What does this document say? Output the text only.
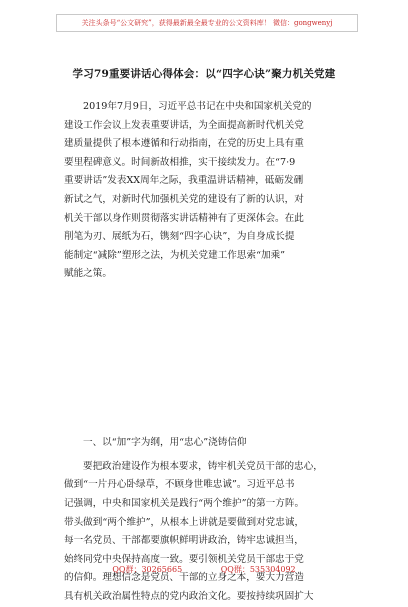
关注头条号“公文研究”，获得最新最全最专业的公文资料库！ 微信：gongwenyj
学习79重要讲话心得体会：以“四字心诀”聚力机关党建
2019年7月9日，习近平总书记在中央和国家机关党的
建设工作会议上发表重要讲话，为全面提高新时代机关党
建质量提供了根本遵循和行动指南，在党的历史上具有重
要里程碑意义。时间新故相推，实干接续发力。在“7·9
重要讲话”发表XX周年之际，我重温讲话精神，砥砺发硎
新试之气，对新时代加强机关党的建设有了新的认识，对
机关干部以身作则贯彻落实讲话精神有了更深体会。在此
削笔为刃、展纸为石，镌刻“四字心诀”，为自身成长提
能制定“减除”塑形之法，为机关党建工作思索“加乘”
赋能之策。
一、以“加”字为纲，用“忠心”浇铸信仰
要把政治建设作为根本要求，铸牢机关党员干部的忠心，
做到“一片丹心卧绿草，不顾身世唯忠诚”。习近平总书
记强调，中央和国家机关是践行“两个维护”的第一方阵。
带头做到“两个维护”，从根本上讲就是要做到对党忠诚，
每一名党员、干部都要旗帜鲜明讲政治，铸牢忠诚担当，
始终同党中央保持高度一致。要引领机关党员干部忠于党
的信仰。理想信念是党员、干部的立身之本，要大力营造
具有机关政治属性特点的党内政治文化。要按持续巩固扩大
QQ群：30265665	QQ群：535304092
